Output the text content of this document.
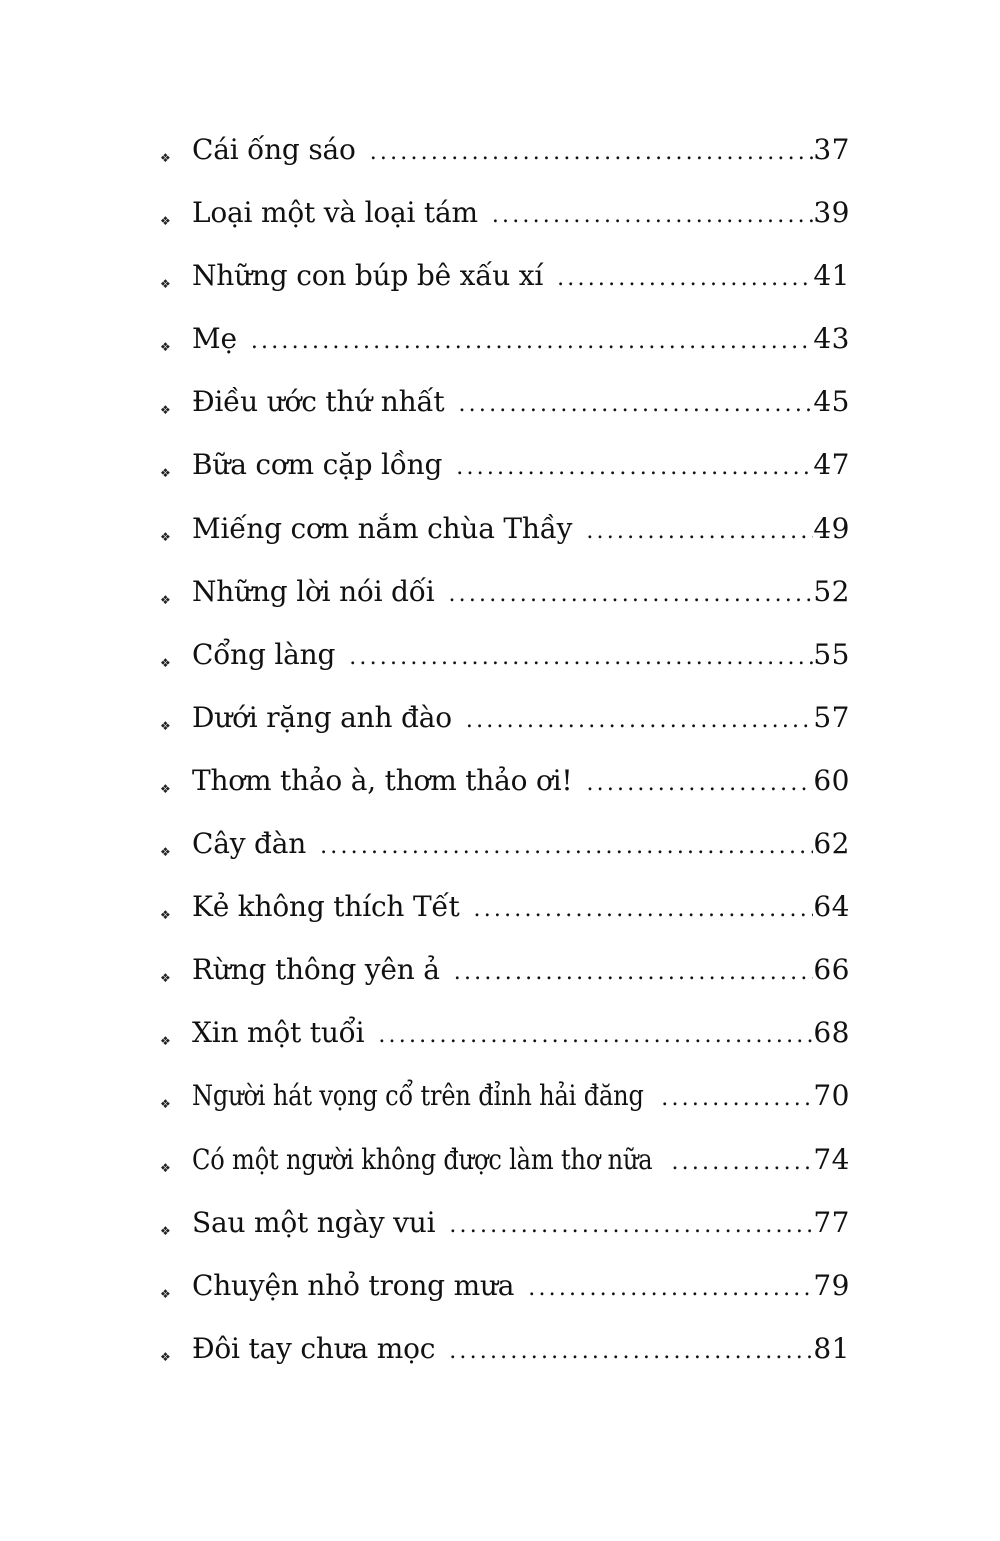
❖ Cái ống sáo .....	37
❖ Loại một và loại tám .....	39
❖ Những con búp bê xấu xí .....	41
❖ Mẹ .....	43
❖ Điều ước thứ nhất .....	45
❖ Bữa cơm cặp lồng .....	47
❖ Miếng cơm nắm chùa Thầy .....	49
❖ Những lời nói dối .....	52
❖ Cổng làng .....	55
❖ Dưới rặng anh đào .....	57
❖ Thơm thảo à, thơm thảo ơi! .....	60
❖ Cây đàn .....	62
❖ Kẻ không thích Tết .....	64
❖ Rừng thông yên ả .....	66
❖ Xin một tuổi .....	68
❖ Người hát vọng cổ trên đỉnh hải đăng .....	70
❖ Có một người không được làm thơ nữa .....	74
❖ Sau một ngày vui .....	77
❖ Chuyện nhỏ trong mưa .....	79
❖ Đôi tay chưa mọc .....	81
